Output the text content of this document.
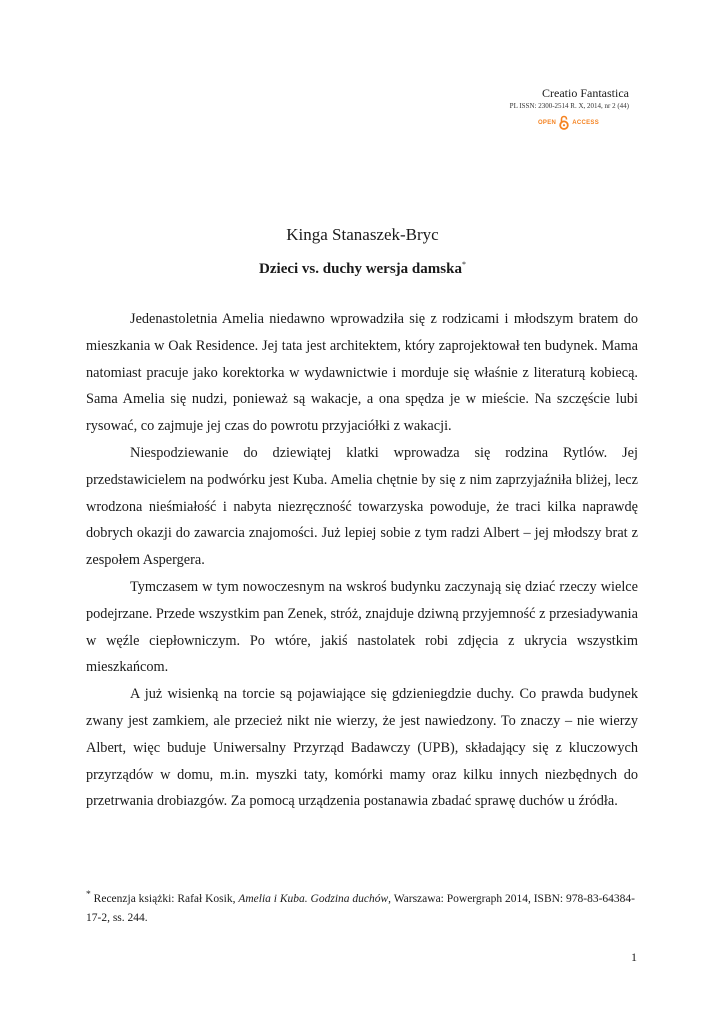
Creatio Fantastica
PL ISSN: 2300-2514 R. X, 2014, nr 2 (44)
OPEN	ACCESS
Kinga Stanaszek-Bryc
Dzieci vs. duchy wersja damska*

Jedenastoletnia Amelia niedawno wprowadziła się z rodzicami i młodszym bratem do mieszkania w Oak Residence. Jej tata jest architektem, który zaprojektował ten budynek. Mama natomiast pracuje jako korektorka w wydawnictwie i morduje się właśnie z literaturą kobiecą. Sama Amelia się nudzi, ponieważ są wakacje, a ona spędza je w mieście. Na szczęście lubi rysować, co zajmuje jej czas do powrotu przyjaciółki z wakacji.

Niespodziewanie do dziewiątej klatki wprowadza się rodzina Rytlów. Jej przedstawicielem na podwórku jest Kuba. Amelia chętnie by się z nim zaprzyjaźniła bliżej, lecz wrodzona nieśmiałość i nabyta niezręczność towarzyska powoduje, że traci kilka naprawdę dobrych okazji do zawarcia znajomości. Już lepiej sobie z tym radzi Albert – jej młodszy brat z zespołem Aspergera.

Tymczasem w tym nowoczesnym na wskroś budynku zaczynają się dziać rzeczy wielce podejrzane. Przede wszystkim pan Zenek, stróż, znajduje dziwną przyjemność z przesiadywania w węźle ciepłowniczym. Po wtóre, jakiś nastolatek robi zdjęcia z ukrycia wszystkim mieszkańcom.

A już wisienką na torcie są pojawiające się gdzieniegdzie duchy. Co prawda budynek zwany jest zamkiem, ale przecież nikt nie wierzy, że jest nawiedzony. To znaczy – nie wierzy Albert, więc buduje Uniwersalny Przyrząd Badawczy (UPB), składający się z kluczowych przyrządów w domu, m.in. myszki taty, komórki mamy oraz kilku innych niezbędnych do przetrwania drobiazgów. Za pomocą urządzenia postanawia zbadać sprawę duchów u źródła.

* Recenzja książki: Rafał Kosik, Amelia i Kuba. Godzina duchów, Warszawa: Powergraph 2014, ISBN: 978-83-64384-17-2, ss. 244.
1
